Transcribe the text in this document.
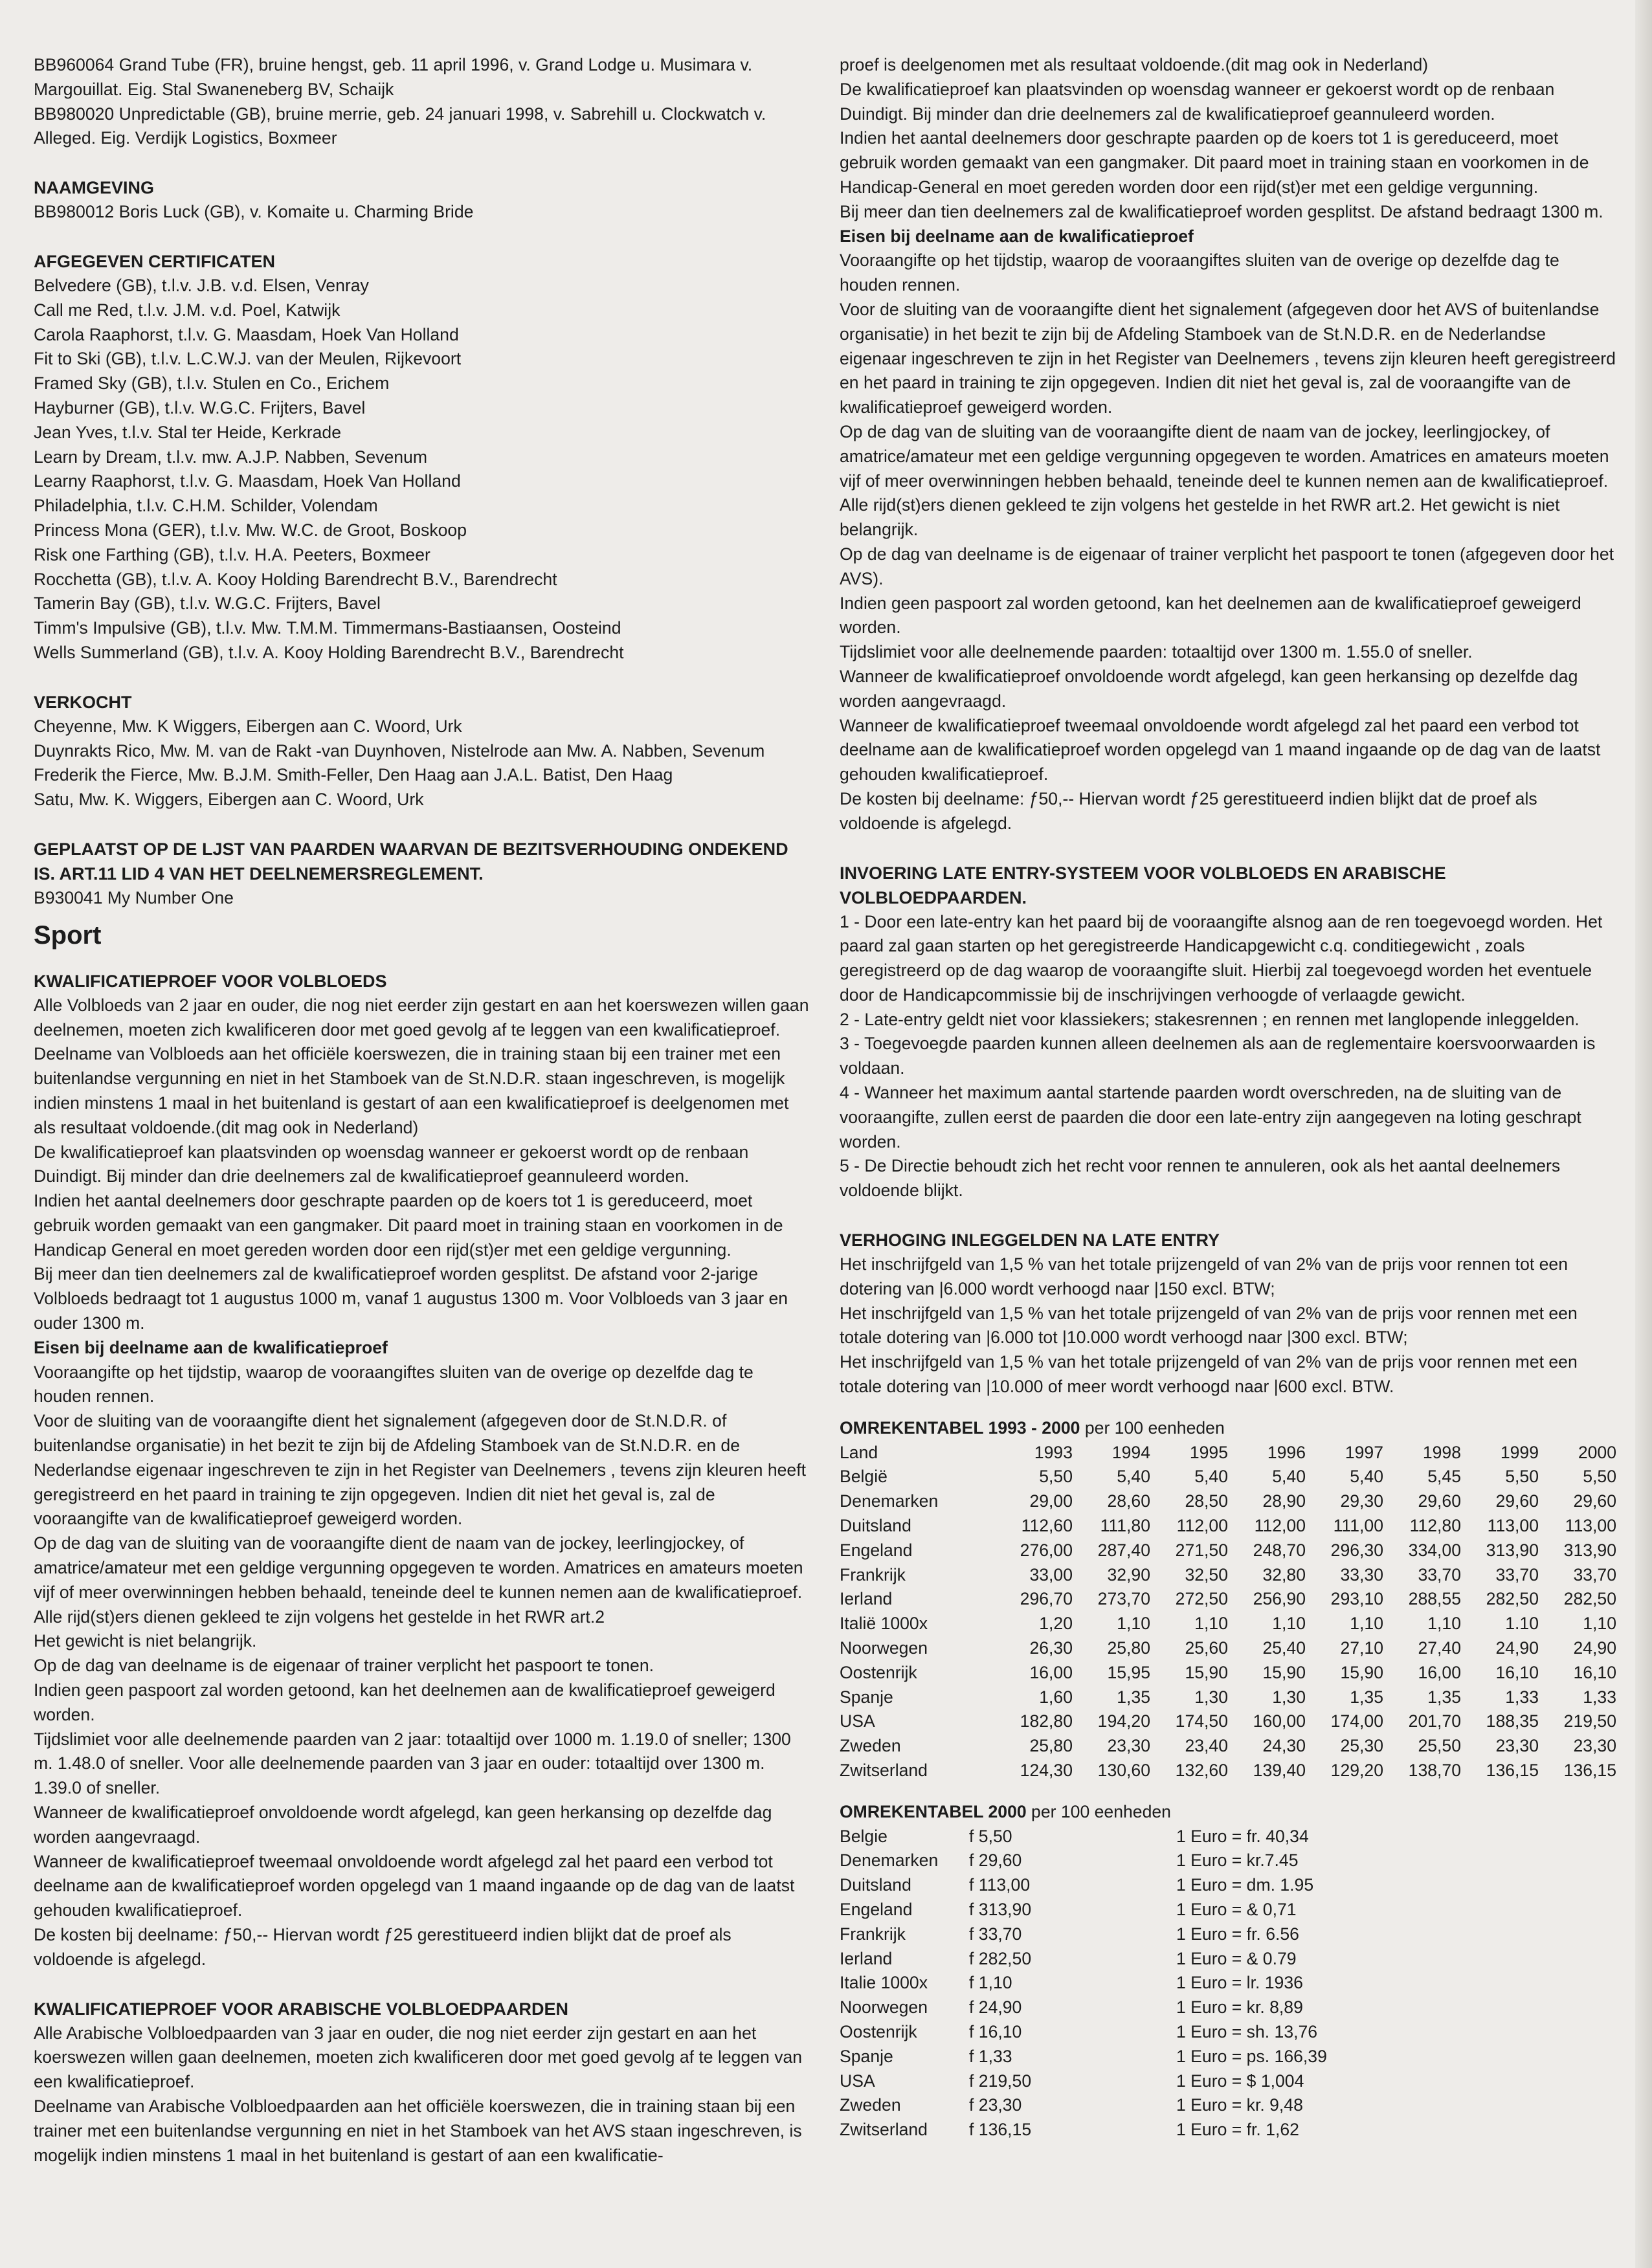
BB960064 Grand Tube (FR), bruine hengst, geb. 11 april 1996, v. Grand Lodge u. Musimara v. Margouillat. Eig. Stal Swaneneberg BV, Schaijk

BB980020 Unpredictable (GB), bruine merrie, geb. 24 januari 1998, v. Sabrehill u. Clockwatch v. Alleged. Eig. Verdijk Logistics, Boxmeer

NAAMGEVING

BB980012 Boris Luck (GB), v. Komaite u. Charming Bride

AFGEGEVEN CERTIFICATEN

Belvedere (GB), t.l.v. J.B. v.d. Elsen, Venray

Call me Red, t.l.v. J.M. v.d. Poel, Katwijk

Carola Raaphorst, t.l.v. G. Maasdam, Hoek Van Holland

Fit to Ski (GB), t.l.v. L.C.W.J. van der Meulen, Rijkevoort

Framed Sky (GB), t.l.v. Stulen en Co., Erichem

Hayburner (GB), t.l.v. W.G.C. Frijters, Bavel

Jean Yves, t.l.v. Stal ter Heide, Kerkrade

Learn by Dream, t.l.v. mw. A.J.P. Nabben, Sevenum

Learny Raaphorst, t.l.v. G. Maasdam, Hoek Van Holland

Philadelphia, t.l.v. C.H.M. Schilder, Volendam

Princess Mona (GER), t.l.v. Mw. W.C. de Groot, Boskoop

Risk one Farthing (GB), t.l.v. H.A. Peeters, Boxmeer

Rocchetta (GB), t.l.v. A. Kooy Holding Barendrecht B.V., Barendrecht

Tamerin Bay (GB), t.l.v. W.G.C. Frijters, Bavel

Timm's Impulsive (GB), t.l.v. Mw. T.M.M. Timmermans-Bastiaansen, Oosteind

Wells Summerland (GB), t.l.v. A. Kooy Holding Barendrecht B.V., Barendrecht

VERKOCHT

Cheyenne, Mw. K Wiggers, Eibergen aan C. Woord, Urk

Duynrakts Rico, Mw. M. van de Rakt -van Duynhoven, Nistelrode aan Mw. A. Nabben, Sevenum

Frederik the Fierce, Mw. B.J.M. Smith-Feller, Den Haag aan J.A.L. Batist, Den Haag

Satu, Mw. K. Wiggers, Eibergen aan C. Woord, Urk

GEPLAATST OP DE LJST VAN PAARDEN WAARVAN DE BEZITSVERHOUDING ONDEKEND IS. ART.11 LID 4 VAN HET DEELNEMERSREGLEMENT.

B930041 My Number One

Sport
KWALIFICATIEPROEF VOOR VOLBLOEDS

Alle Volbloeds van 2 jaar en ouder, die nog niet eerder zijn gestart en aan het koerswezen willen gaan deelnemen, moeten zich kwalificeren door met goed gevolg af te leggen van een kwalificatieproef.

Deelname van Volbloeds aan het officiële koerswezen, die in training staan bij een trainer met een buitenlandse vergunning en niet in het Stamboek van de St.N.D.R. staan ingeschreven, is mogelijk indien minstens 1 maal in het buitenland is gestart of aan een kwalificatieproef is deelgenomen met als resultaat voldoende.(dit mag ook in Nederland)

De kwalificatieproef kan plaatsvinden op woensdag wanneer er gekoerst wordt op de renbaan Duindigt. Bij minder dan drie deelnemers zal de kwalificatieproef geannuleerd worden.

Indien het aantal deelnemers door geschrapte paarden op de koers tot 1 is gereduceerd, moet gebruik worden gemaakt van een gangmaker. Dit paard moet in training staan en voorkomen in de Handicap General en moet gereden worden door een rijd(st)er met een geldige vergunning.

Bij meer dan tien deelnemers zal de kwalificatieproef worden gesplitst. De afstand voor 2-jarige Volbloeds bedraagt tot 1 augustus 1000 m, vanaf 1 augustus 1300 m. Voor Volbloeds van 3 jaar en ouder 1300 m.

Eisen bij deelname aan de kwalificatieproef

Vooraangifte op het tijdstip, waarop de vooraangiftes sluiten van de overige op dezelfde dag te houden rennen.

Voor de sluiting van de vooraangifte dient het signalement (afgegeven door de St.N.D.R. of buitenlandse organisatie) in het bezit te zijn bij de Afdeling Stamboek van de St.N.D.R. en de Nederlandse eigenaar ingeschreven te zijn in het Register van Deelnemers , tevens zijn kleuren heeft geregistreerd en het paard in training te zijn opgegeven. Indien dit niet het geval is, zal de vooraangifte van de kwalificatieproef geweigerd worden.

Op de dag van de sluiting van de vooraangifte dient de naam van de jockey, leerlingjockey, of amatrice/amateur met een geldige vergunning opgegeven te worden. Amatrices en amateurs moeten vijf of meer overwinningen hebben behaald, teneinde deel te kunnen nemen aan de kwalificatieproef.

Alle rijd(st)ers dienen gekleed te zijn volgens het gestelde in het RWR art.2

Het gewicht is niet belangrijk.

Op de dag van deelname is de eigenaar of trainer verplicht het paspoort te tonen.

Indien geen paspoort zal worden getoond, kan het deelnemen aan de kwalificatieproef geweigerd worden.

Tijdslimiet voor alle deelnemende paarden van 2 jaar: totaaltijd over 1000 m. 1.19.0 of sneller; 1300 m. 1.48.0 of sneller. Voor alle deelnemende paarden van 3 jaar en ouder: totaaltijd over 1300 m. 1.39.0 of sneller.

Wanneer de kwalificatieproef onvoldoende wordt afgelegd, kan geen herkansing op dezelfde dag worden aangevraagd.

Wanneer de kwalificatieproef tweemaal onvoldoende wordt afgelegd zal het paard een verbod tot deelname aan de kwalificatieproef worden opgelegd van 1 maand ingaande op de dag van de laatst gehouden kwalificatieproef.

De kosten bij deelname: ƒ50,-- Hiervan wordt ƒ25 gerestitueerd indien blijkt dat de proef als voldoende is afgelegd.

KWALIFICATIEPROEF VOOR ARABISCHE VOLBLOEDPAARDEN

Alle Arabische Volbloedpaarden van 3 jaar en ouder, die nog niet eerder zijn gestart en aan het koerswezen willen gaan deelnemen, moeten zich kwalificeren door met goed gevolg af te leggen van een kwalificatieproef.

Deelname van Arabische Volbloedpaarden aan het officiële koerswezen, die in training staan bij een trainer met een buitenlandse vergunning en niet in het Stamboek van het AVS staan ingeschreven, is mogelijk indien minstens 1 maal in het buitenland is gestart of aan een kwalificatie-

proef is deelgenomen met als resultaat voldoende.(dit mag ook in Nederland)

De kwalificatieproef kan plaatsvinden op woensdag wanneer er gekoerst wordt op de renbaan Duindigt. Bij minder dan drie deelnemers zal de kwalificatieproef geannuleerd worden.

Indien het aantal deelnemers door geschrapte paarden op de koers tot 1 is gereduceerd, moet gebruik worden gemaakt van een gangmaker. Dit paard moet in training staan en voorkomen in de Handicap-General en moet gereden worden door een rijd(st)er met een geldige vergunning.

Bij meer dan tien deelnemers zal de kwalificatieproef worden gesplitst. De afstand bedraagt 1300 m.

Eisen bij deelname aan de kwalificatieproef

Vooraangifte op het tijdstip, waarop de vooraangiftes sluiten van de overige op dezelfde dag te houden rennen.

Voor de sluiting van de vooraangifte dient het signalement (afgegeven door het AVS of buitenlandse organisatie) in het bezit te zijn bij de Afdeling Stamboek van de St.N.D.R. en de Nederlandse eigenaar ingeschreven te zijn in het Register van Deelnemers , tevens zijn kleuren heeft geregistreerd en het paard in training te zijn opgegeven. Indien dit niet het geval is, zal de vooraangifte van de kwalificatieproef geweigerd worden.

Op de dag van de sluiting van de vooraangifte dient de naam van de jockey, leerlingjockey, of amatrice/amateur met een geldige vergunning opgegeven te worden. Amatrices en amateurs moeten vijf of meer overwinningen hebben behaald, teneinde deel te kunnen nemen aan de kwalificatieproef.

Alle rijd(st)ers dienen gekleed te zijn volgens het gestelde in het RWR art.2. Het gewicht is niet belangrijk.

Op de dag van deelname is de eigenaar of trainer verplicht het paspoort te tonen (afgegeven door het AVS).

Indien geen paspoort zal worden getoond, kan het deelnemen aan de kwalificatieproef geweigerd worden.

Tijdslimiet voor alle deelnemende paarden: totaaltijd over 1300 m. 1.55.0 of sneller.

Wanneer de kwalificatieproef onvoldoende wordt afgelegd, kan geen herkansing op dezelfde dag worden aangevraagd.

Wanneer de kwalificatieproef tweemaal onvoldoende wordt afgelegd zal het paard een verbod tot deelname aan de kwalificatieproef worden opgelegd van 1 maand ingaande op de dag van de laatst gehouden kwalificatieproef.

De kosten bij deelname: ƒ50,-- Hiervan wordt ƒ25 gerestitueerd indien blijkt dat de proef als voldoende is afgelegd.

INVOERING LATE ENTRY-SYSTEEM VOOR VOLBLOEDS EN ARABISCHE VOLBLOEDPAARDEN.

1 - Door een late-entry kan het paard bij de vooraangifte alsnog aan de ren toegevoegd worden. Het paard zal gaan starten op het geregistreerde Handicapgewicht c.q. conditiegewicht , zoals geregistreerd op de dag waarop de vooraangifte sluit. Hierbij zal toegevoegd worden het eventuele door de Handicapcommissie bij de inschrijvingen verhoogde of verlaagde gewicht.

2 - Late-entry geldt niet voor klassiekers; stakesrennen ; en rennen met langlopende inleggelden.

3 - Toegevoegde paarden kunnen alleen deelnemen als aan de reglementaire koersvoorwaarden is voldaan.

4 - Wanneer het maximum aantal startende paarden wordt overschreden, na de sluiting van de vooraangifte, zullen eerst de paarden die door een late-entry zijn aangegeven na loting geschrapt worden.

5 - De Directie behoudt zich het recht voor rennen te annuleren, ook als het aantal deelnemers voldoende blijkt.

VERHOGING INLEGGELDEN NA LATE ENTRY

Het inschrijfgeld van 1,5 % van het totale prijzengeld of van 2% van de prijs voor rennen tot een dotering van |6.000 wordt verhoogd naar |150 excl. BTW;

Het inschrijfgeld van 1,5 % van het totale prijzengeld of van 2% van de prijs voor rennen met een totale dotering van |6.000 tot |10.000 wordt verhoogd naar |300 excl. BTW;

Het inschrijfgeld van 1,5 % van het totale prijzengeld of van 2% van de prijs voor rennen met een totale dotering van |10.000 of meer wordt verhoogd naar |600 excl. BTW.

OMREKENTABEL 1993 - 2000 per 100 eenheden

Land	1993	1994	1995	1996	1997	1998	1999	2000
België	5,50	5,40	5,40	5,40	5,40	5,45	5,50	5,50
Denemarken	29,00	28,60	28,50	28,90	29,30	29,60	29,60	29,60
Duitsland	112,60	111,80	112,00	112,00	111,00	112,80	113,00	113,00
Engeland	276,00	287,40	271,50	248,70	296,30	334,00	313,90	313,90
Frankrijk	33,00	32,90	32,50	32,80	33,30	33,70	33,70	33,70
Ierland	296,70	273,70	272,50	256,90	293,10	288,55	282,50	282,50
Italië 1000x	1,20	1,10	1,10	1,10	1,10	1,10	1.10	1,10
Noorwegen	26,30	25,80	25,60	25,40	27,10	27,40	24,90	24,90
Oostenrijk	16,00	15,95	15,90	15,90	15,90	16,00	16,10	16,10
Spanje	1,60	1,35	1,30	1,30	1,35	1,35	1,33	1,33
USA	182,80	194,20	174,50	160,00	174,00	201,70	188,35	219,50
Zweden	25,80	23,30	23,40	24,30	25,30	25,50	23,30	23,30
Zwitserland	124,30	130,60	132,60	139,40	129,20	138,70	136,15	136,15

OMREKENTABEL 2000 per 100 eenheden

Belgie	f 5,50	1 Euro = fr. 40,34
Denemarken	f 29,60	1 Euro = kr.7.45
Duitsland	f 113,00	1 Euro = dm. 1.95
Engeland	f 313,90	1 Euro = & 0,71
Frankrijk	f 33,70	1 Euro = fr. 6.56
Ierland	f 282,50	1 Euro = & 0.79
Italie 1000x	f 1,10	1 Euro = lr. 1936
Noorwegen	f 24,90	1 Euro = kr. 8,89
Oostenrijk	f 16,10	1 Euro = sh. 13,76
Spanje	f 1,33	1 Euro = ps. 166,39
USA	f 219,50	1 Euro = $ 1,004
Zweden	f 23,30	1 Euro = kr. 9,48
Zwitserland	f 136,15	1 Euro = fr. 1,62
